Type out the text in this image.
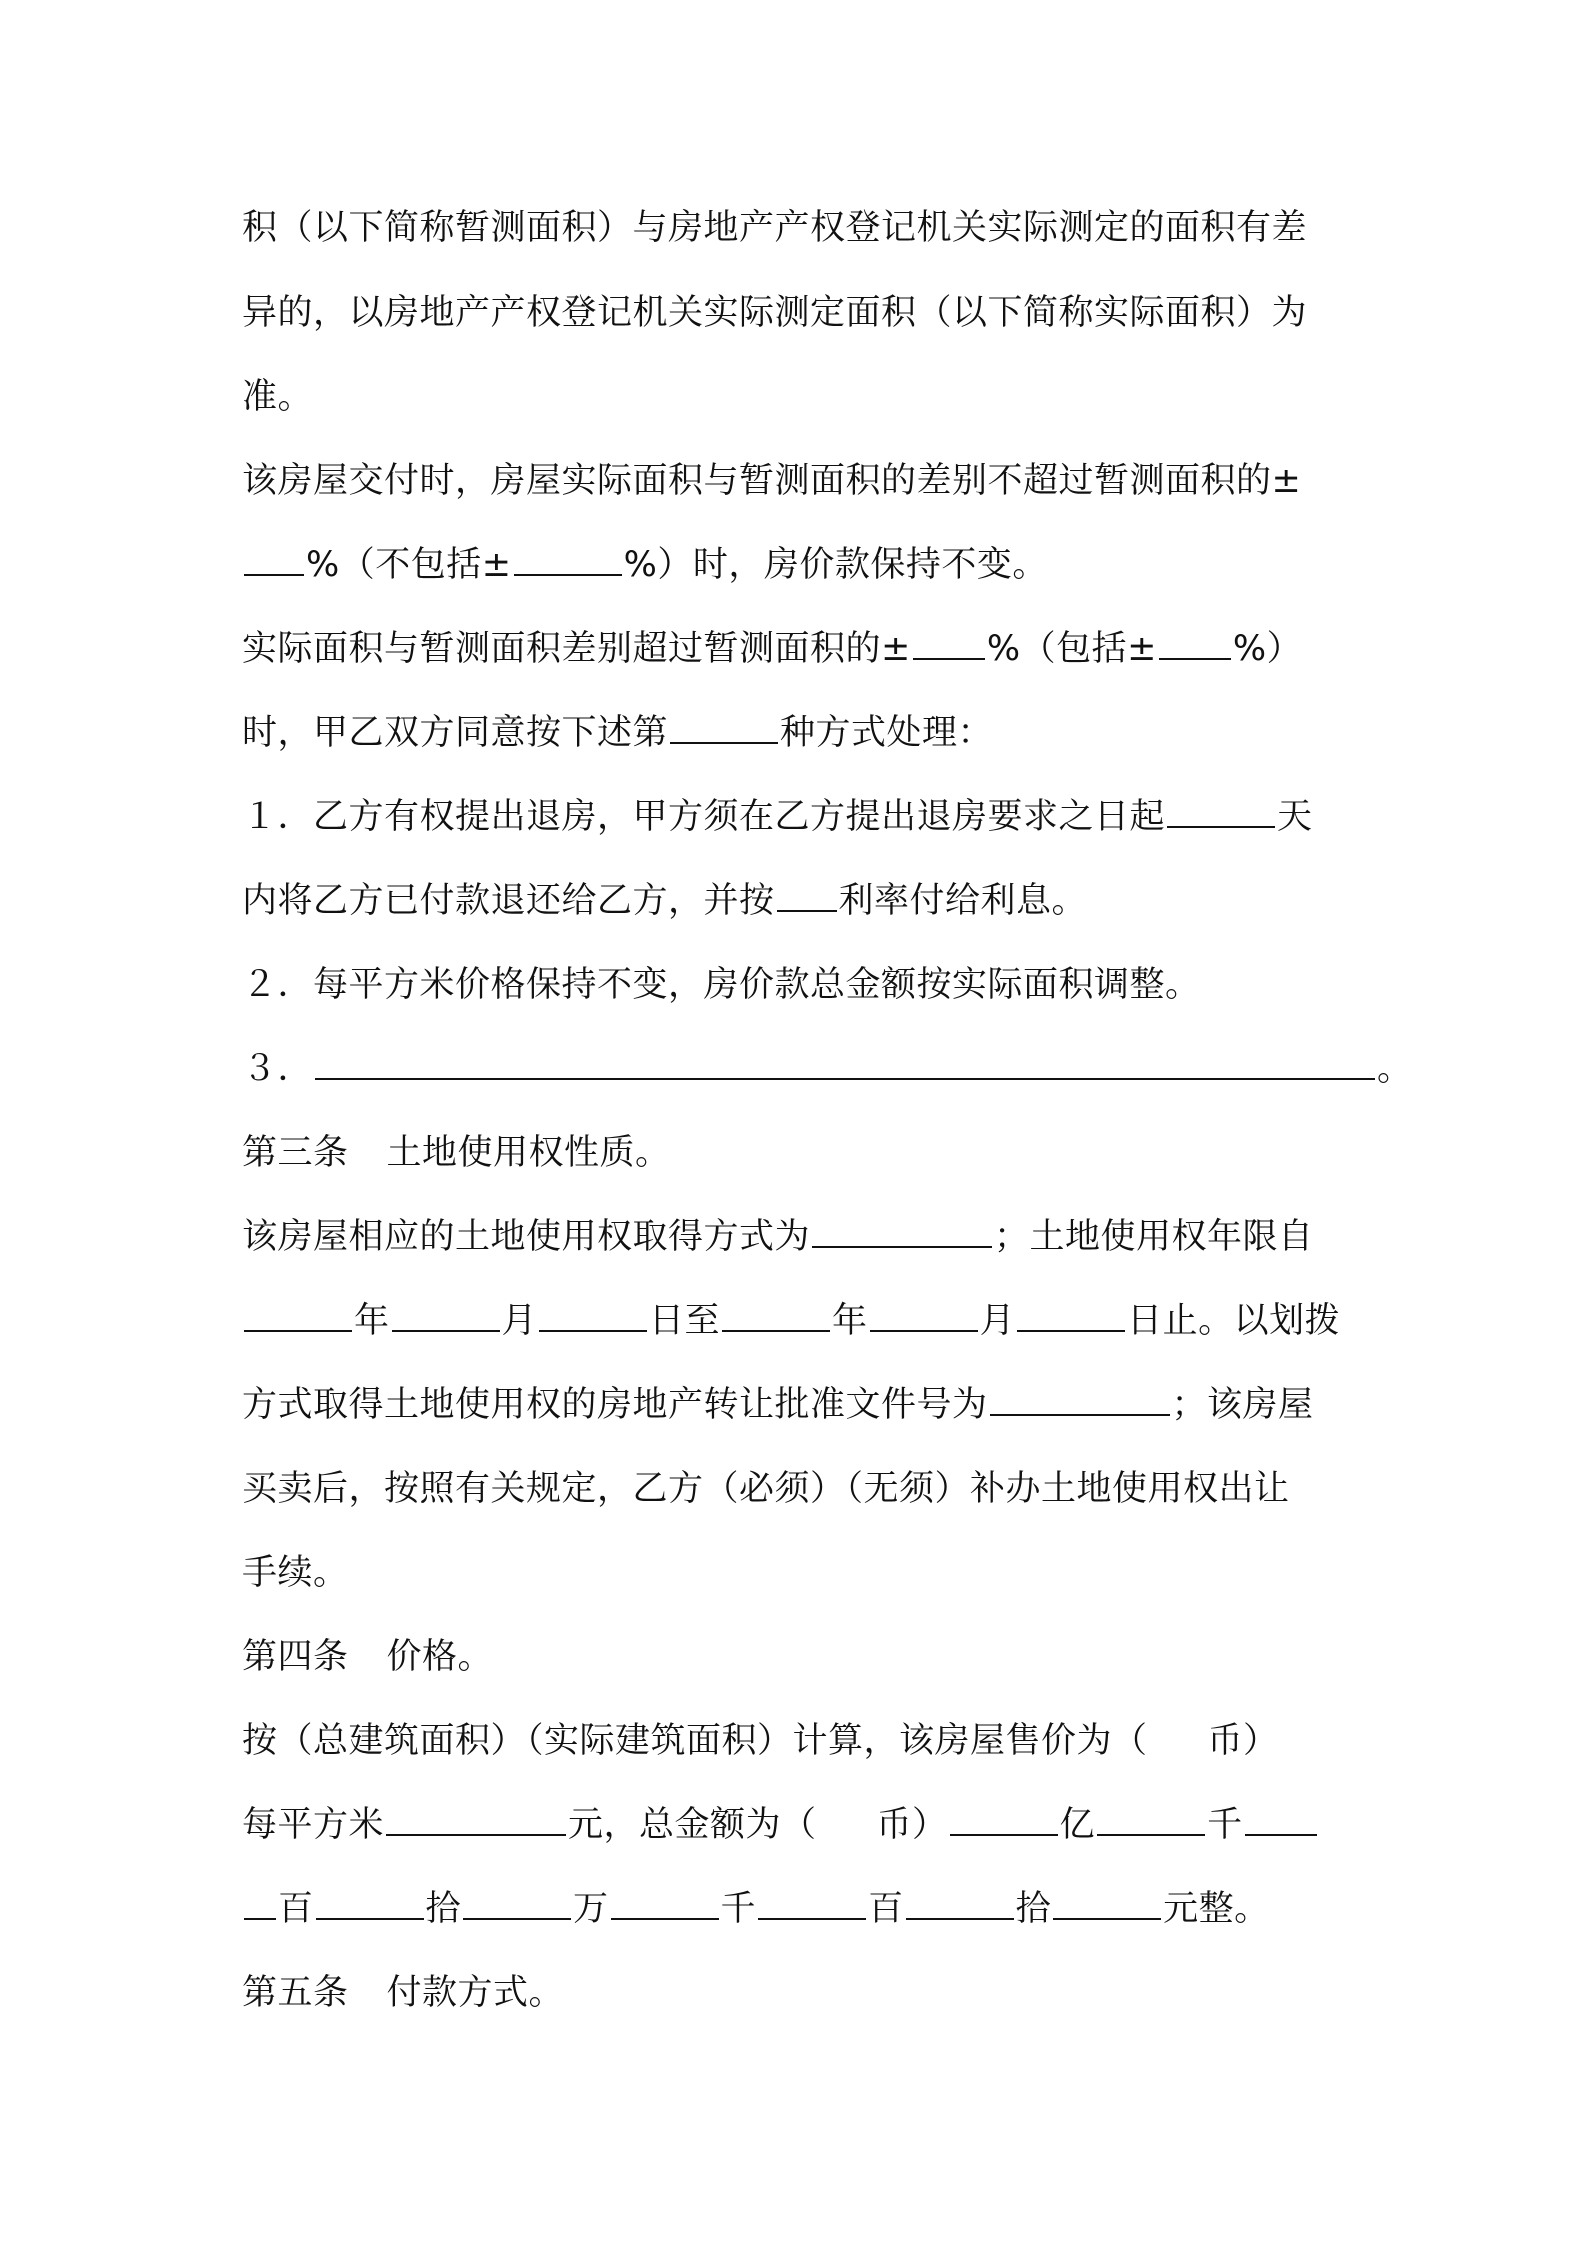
积（以下简称暂测面积）与房地产产权登记机关实际测定的面积有差
异的，以房地产产权登记机关实际测定面积（以下简称实际面积）为
准。
该房屋交付时，房屋实际面积与暂测面积的差别不超过暂测面积的±
%（不包括±	%）时，房价款保持不变。
实际面积与暂测面积差别超过暂测面积的± %（包括± %）
时，甲乙双方同意按下述第	种方式处理：
１．乙方有权提出退房，甲方须在乙方提出退房要求之日起	天
内将乙方已付款退还给乙方，并按 利率付给利息。
２．每平方米价格保持不变，房价款总金额按实际面积调整。
３．	。
第三条 土地使用权性质。
该房屋相应的土地使用权取得方式为	；土地使用权年限自
年	月	日至	年	月	日止。以划拨
方式取得土地使用权的房地产转让批准文件号为	；该房屋
买卖后，按照有关规定，乙方（必须）（无须）补办土地使用权出让
手续。
第四条 价格。
按（总建筑面积）（实际建筑面积）计算，该房屋售价为（ 币）
每平方米	元，总金额为（ 币）	亿	千
百	拾	万	千	百	拾	元整。
第五条 付款方式。
